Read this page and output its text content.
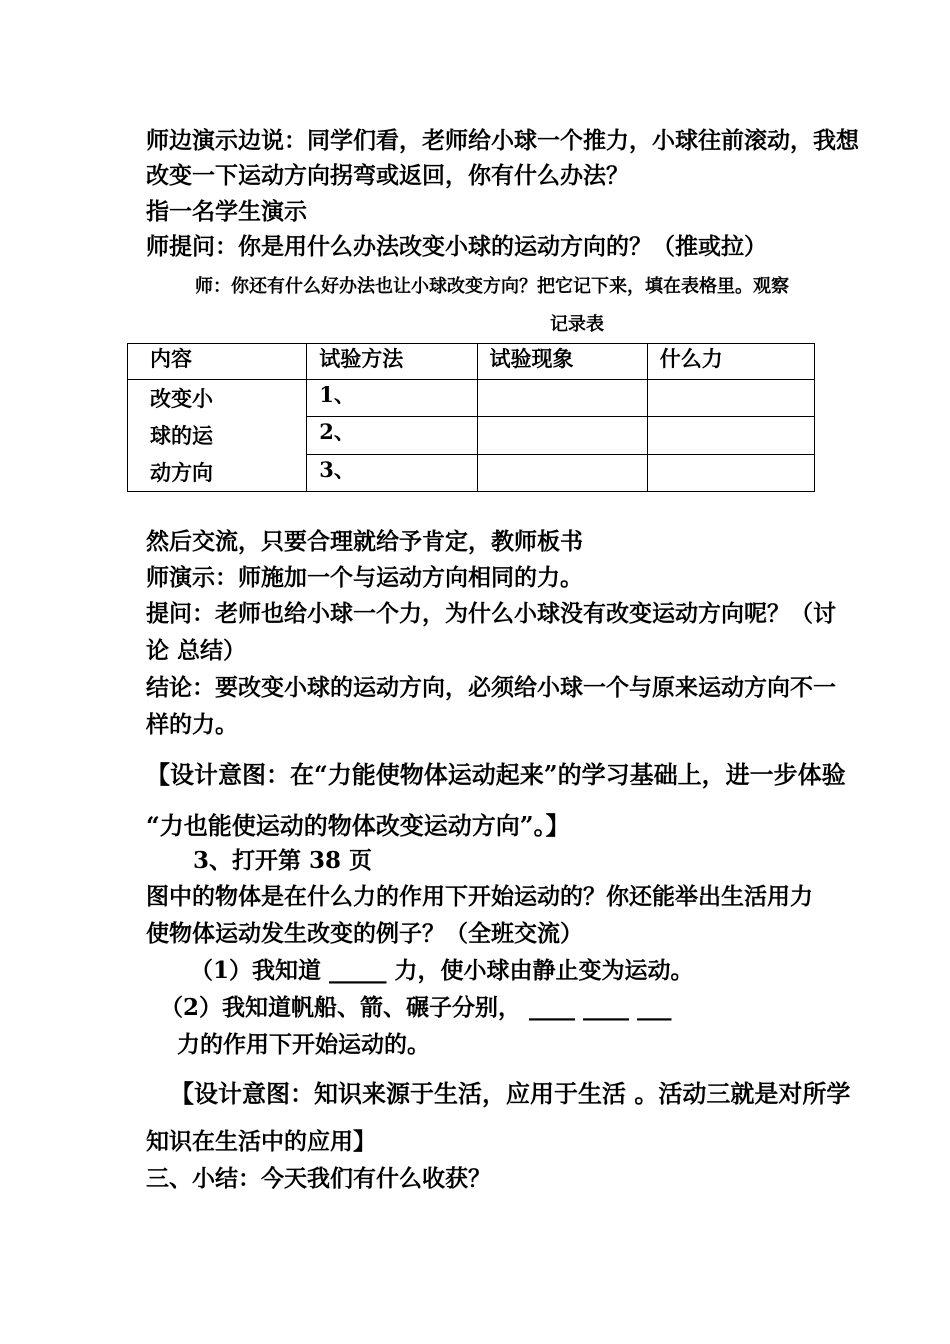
师边演示边说：同学们看，老师给小球一个推力，小球往前滚动，我想
改变一下运动方向拐弯或返回，你有什么办法？
指一名学生演示
师提问：你是用什么办法改变小球的运动方向的？（推或拉）
师：你还有什么好办法也让小球改变方向？把它记下来，填在表格里。观察
记录表
内容	试验方法	试验现象	什么力

改变小
球的运
动方向	1、		
	2、		
	3、		
然后交流，只要合理就给予肯定，教师板书
师演示：师施加一个与运动方向相同的力。
提问：老师也给小球一个力，为什么小球没有改变运动方向呢？（讨
论 总结）
结论：要改变小球的运动方向，必须给小球一个与原来运动方向不一
样的力。
【设计意图：在“力能使物体运动起来”的学习基础上，进一步体验
“力也能使运动的物体改变运动方向”。】
3、打开第 38 页
图中的物体是在什么力的作用下开始运动的？你还能举出生活用力
使物体运动发生改变的例子？（全班交流）
（1）我知道 _____ 力，使小球由静止变为运动。
（2）我知道帆船、箭、碾子分别， ____ ____ ___
力的作用下开始运动的。
【设计意图：知识来源于生活，应用于生活 。活动三就是对所学
知识在生活中的应用】
三、小结：今天我们有什么收获？
